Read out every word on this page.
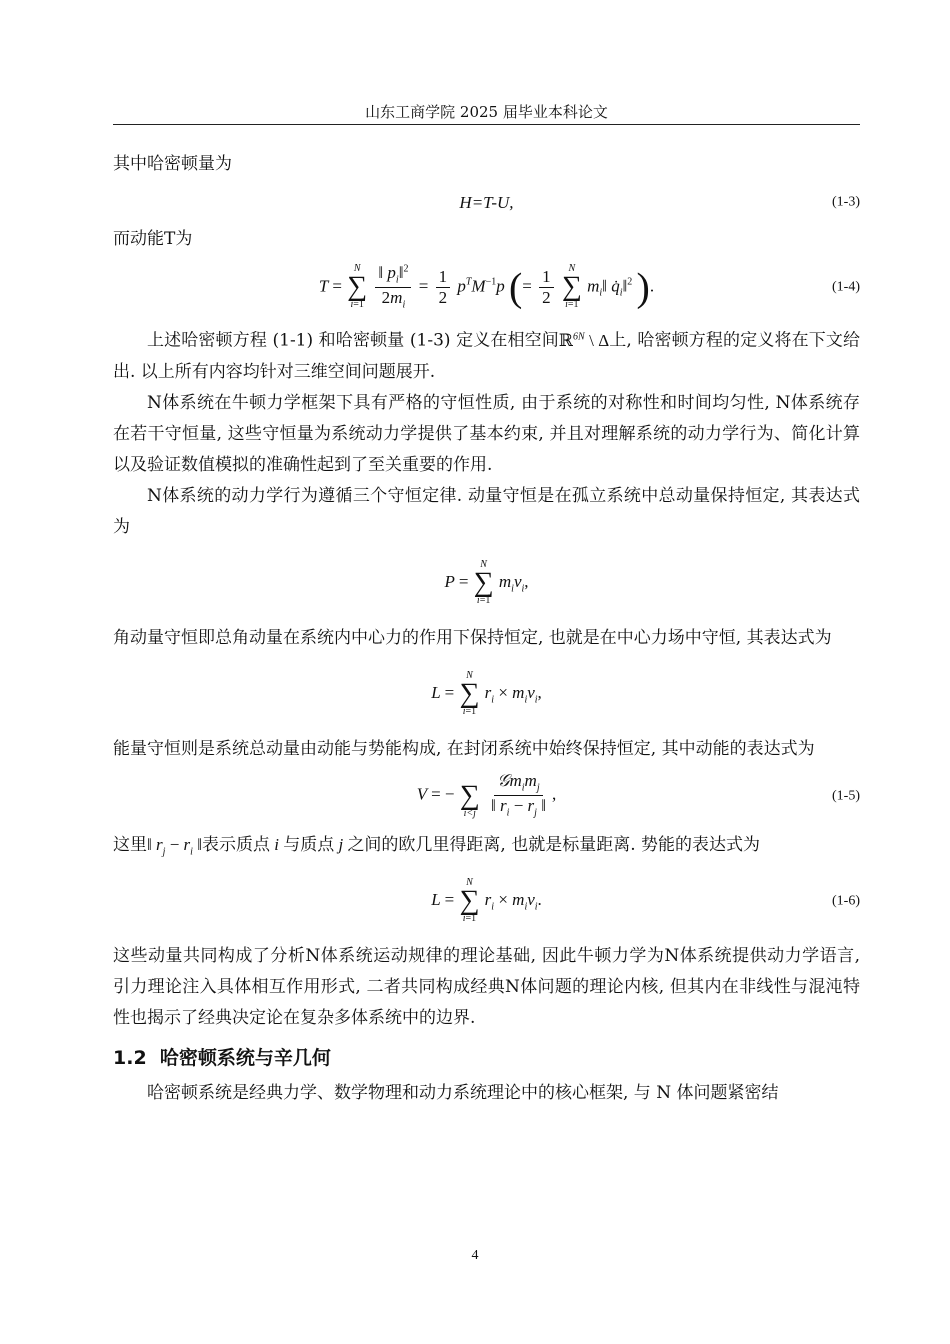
山东工商学院 2025 届毕业本科论文

其中哈密顿量为

H=T-U,	(1-3)

而动能T为

T =
N
∑
i=1
$\frac{‖ p_i‖^2}{2m_i} = \frac{1}{2} p^TM^{-1}p$ (= $\frac{1}{2}$
N
∑
i=1
$m_i‖$ $q̇_i‖^2$ ).	(1-4)

上述哈密顿方程 (1-1) 和哈密顿量 (1-3) 定义在相空间ℝ$^{6N}$ \ Δ上, 哈密顿方程的定义将在下文给出. 以上所有内容均针对三维空间问题展开.

N体系统在牛顿力学框架下具有严格的守恒性质, 由于系统的对称性和时间均匀性, N体系统存在若干守恒量, 这些守恒量为系统动力学提供了基本约束, 并且对理解系统的动力学行为、简化计算以及验证数值模拟的准确性起到了至关重要的作用.

N体系统的动力学行为遵循三个守恒定律. 动量守恒是在孤立系统中总动量保持恒定, 其表达式为

P =
N
∑
i=1
$m_iv_i$,

角动量守恒即总角动量在系统内中心力的作用下保持恒定, 也就是在中心力场中守恒, 其表达式为

L =
N
∑
i=1
$r_i \times m_iv_i$,

能量守恒则是系统总动量由动能与势能构成, 在封闭系统中始终保持恒定, 其中动能的表达式为

V = −
∑
i<j
$\frac{𝒢m_im_j}{‖ r_i - r_j ‖}$ ,	(1-5)

这里‖ $r_j - r_i$ ‖表示质点 i 与质点 j 之间的欧几里得距离, 也就是标量距离. 势能的表达式为

L =
N
∑
i=1
$r_i \times m_iv_i$.	(1-6)

这些动量共同构成了分析N体系统运动规律的理论基础, 因此牛顿力学为N体系统提供动力学语言, 引力理论注入具体相互作用形式, 二者共同构成经典N体问题的理论内核, 但其内在非线性与混沌特性也揭示了经典决定论在复杂多体系统中的边界.

1.2 哈密顿系统与辛几何

哈密顿系统是经典力学、数学物理和动力系统理论中的核心框架, 与 N 体问题紧密结

4
